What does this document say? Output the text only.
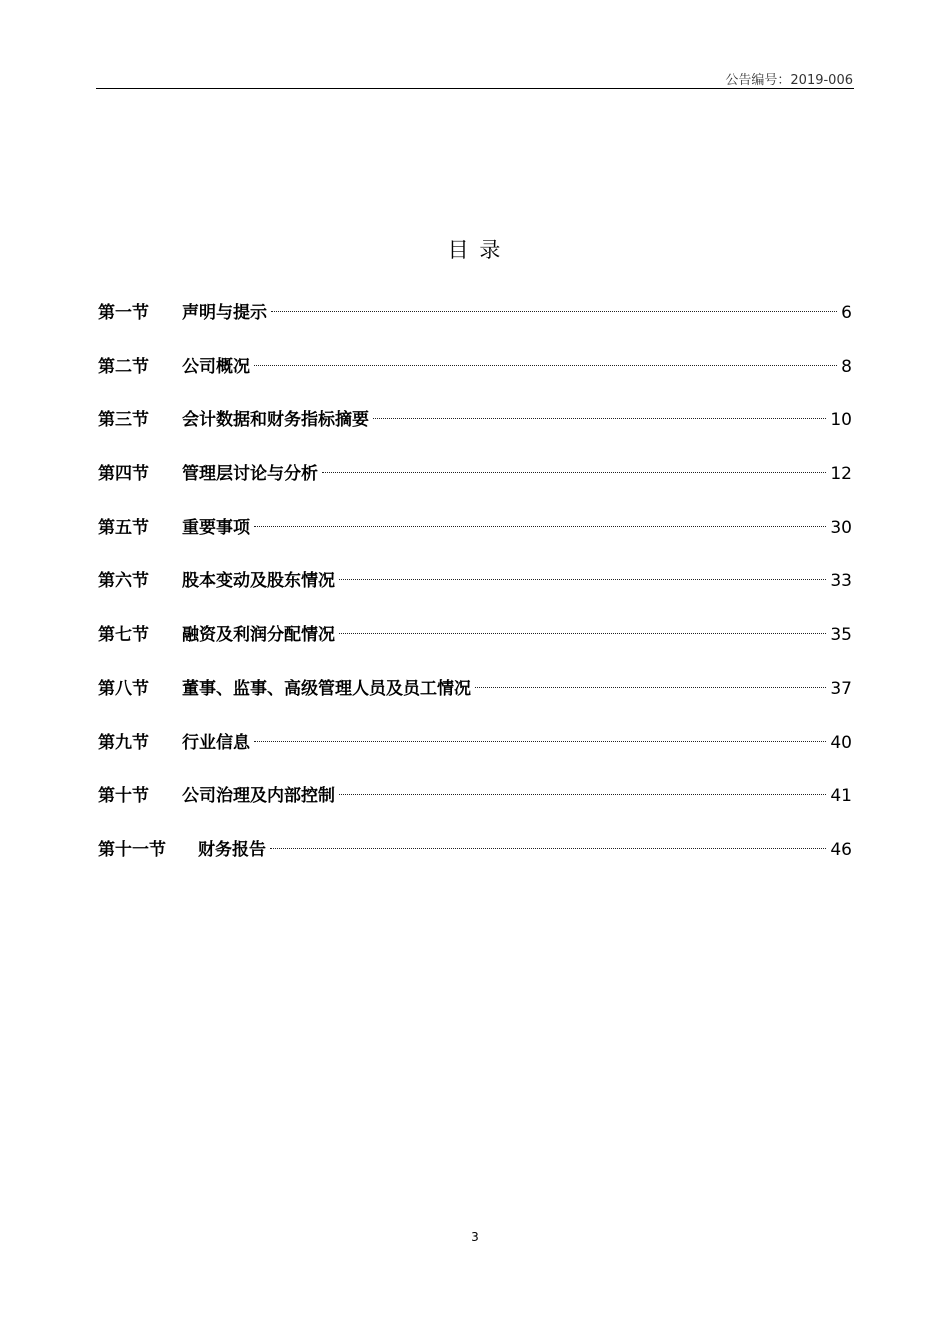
公告编号：2019-006
目 录
第一节	声明与提示	6
第二节	公司概况	8
第三节	会计数据和财务指标摘要	10
第四节	管理层讨论与分析	12
第五节	重要事项	30
第六节	股本变动及股东情况	33
第七节	融资及利润分配情况	35
第八节	董事、监事、高级管理人员及员工情况	37
第九节	行业信息	40
第十节	公司治理及内部控制	41
第十一节	财务报告	46
3
